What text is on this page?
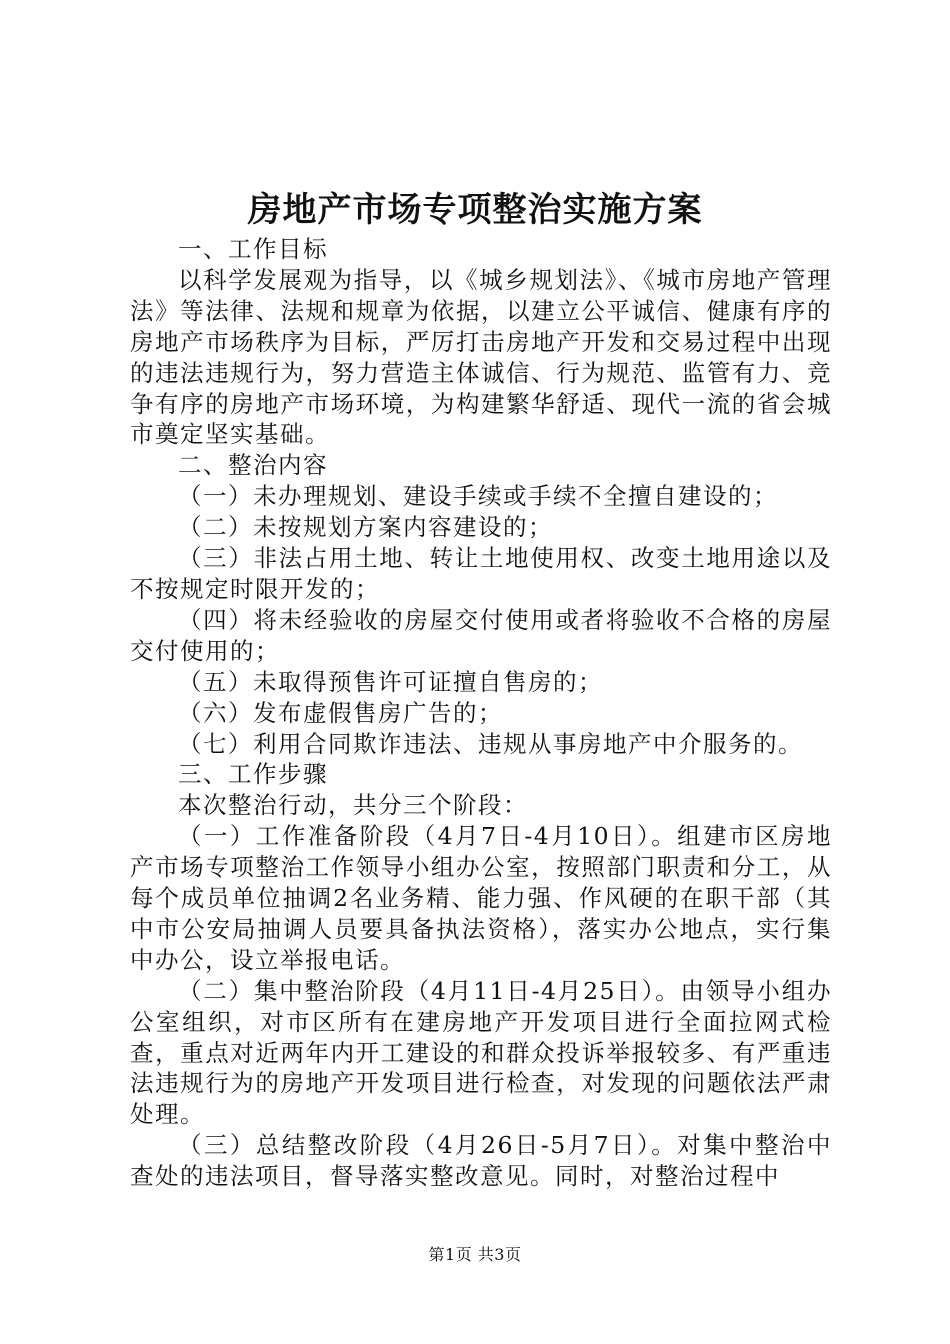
房地产市场专项整治实施方案

一、工作目标

以科学发展观为指导，以《城乡规划法》、《城市房地产管理法》等法律、法规和规章为依据，以建立公平诚信、健康有序的房地产市场秩序为目标，严厉打击房地产开发和交易过程中出现的违法违规行为，努力营造主体诚信、行为规范、监管有力、竞争有序的房地产市场环境，为构建繁华舒适、现代一流的省会城市奠定坚实基础。

二、整治内容

（一）未办理规划、建设手续或手续不全擅自建设的；

（二）未按规划方案内容建设的；

（三）非法占用土地、转让土地使用权、改变土地用途以及不按规定时限开发的；

（四）将未经验收的房屋交付使用或者将验收不合格的房屋交付使用的；

（五）未取得预售许可证擅自售房的；

（六）发布虚假售房广告的；

（七）利用合同欺诈违法、违规从事房地产中介服务的。

三、工作步骤

本次整治行动，共分三个阶段：

（一）工作准备阶段（4月7日-4月10日）。组建市区房地产市场专项整治工作领导小组办公室，按照部门职责和分工，从每个成员单位抽调2名业务精、能力强、作风硬的在职干部（其中市公安局抽调人员要具备执法资格），落实办公地点，实行集中办公，设立举报电话。

（二）集中整治阶段（4月11日-4月25日）。由领导小组办公室组织，对市区所有在建房地产开发项目进行全面拉网式检查，重点对近两年内开工建设的和群众投诉举报较多、有严重违法违规行为的房地产开发项目进行检查，对发现的问题依法严肃处理。

（三）总结整改阶段（4月26日-5月7日）。对集中整治中查处的违法项目，督导落实整改意见。同时，对整治过程中

第1页 共3页
